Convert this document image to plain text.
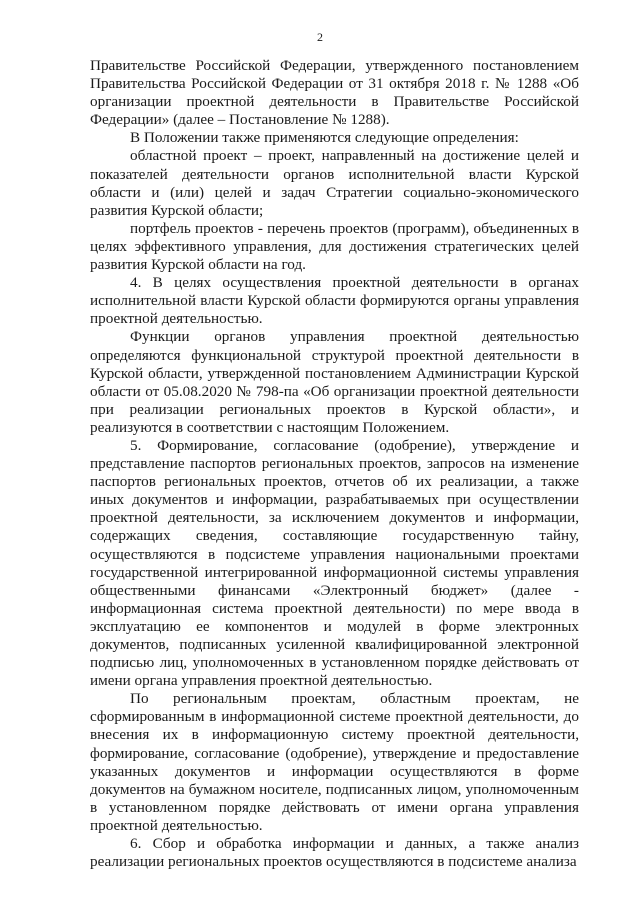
2

Правительстве Российской Федерации, утвержденного постановлением Правительства Российской Федерации от 31 октября 2018 г. № 1288 «Об организации проектной деятельности в Правительстве Российской Федерации» (далее – Постановление № 1288).

В Положении также применяются следующие определения:

областной проект – проект, направленный на достижение целей и показателей деятельности органов исполнительной власти Курской области и (или) целей и задач Стратегии социально-экономического развития Курской области;

портфель проектов - перечень проектов (программ), объединенных в целях эффективного управления, для достижения стратегических целей развития Курской области на год.

4. В целях осуществления проектной деятельности в органах исполнительной власти Курской области формируются органы управления проектной деятельностью.

Функции органов управления проектной деятельностью определяются функциональной структурой проектной деятельности в Курской области, утвержденной постановлением Администрации Курской области от 05.08.2020 № 798-па «Об организации проектной деятельности при реализации региональных проектов в Курской области», и реализуются в соответствии с настоящим Положением.

5. Формирование, согласование (одобрение), утверждение и представление паспортов региональных проектов, запросов на изменение паспортов региональных проектов, отчетов об их реализации, а также иных документов и информации, разрабатываемых при осуществлении проектной деятельности, за исключением документов и информации, содержащих сведения, составляющие государственную тайну, осуществляются в подсистеме управления национальными проектами государственной интегрированной информационной системы управления общественными финансами «Электронный бюджет» (далее - информационная система проектной деятельности) по мере ввода в эксплуатацию ее компонентов и модулей в форме электронных документов, подписанных усиленной квалифицированной электронной подписью лиц, уполномоченных в установленном порядке действовать от имени органа управления проектной деятельностью.

По региональным проектам, областным проектам, не сформированным в информационной системе проектной деятельности, до внесения их в информационную систему проектной деятельности, формирование, согласование (одобрение), утверждение и предоставление указанных документов и информации осуществляются в форме документов на бумажном носителе, подписанных лицом, уполномоченным в установленном порядке действовать от имени органа управления проектной деятельностью.

6. Сбор и обработка информации и данных, а также анализ реализации региональных проектов осуществляются в подсистеме анализа
